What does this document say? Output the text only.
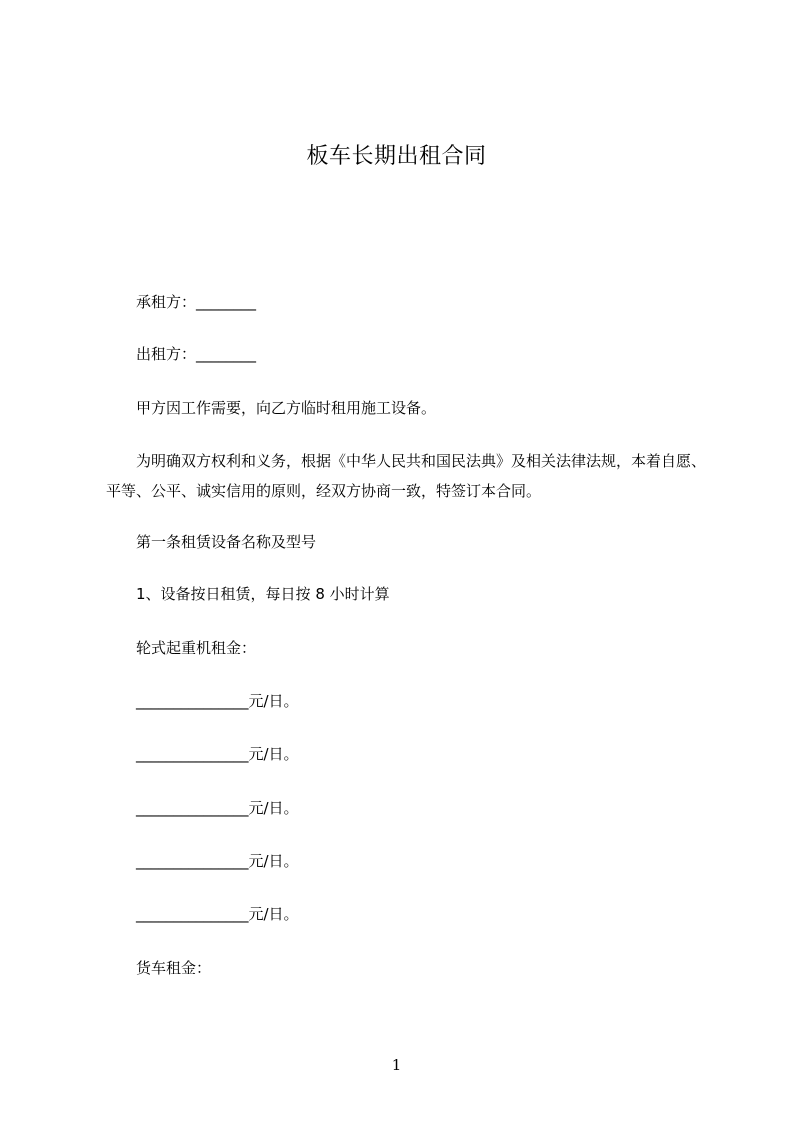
板车长期出租合同
承租方：________
出租方：________
甲方因工作需要，向乙方临时租用施工设备。
为明确双方权利和义务，根据《中华人民共和国民法典》及相关法律法规，本着自愿、平等、公平、诚实信用的原则，经双方协商一致，特签订本合同。
第一条租赁设备名称及型号
1、设备按日租赁，每日按 8 小时计算
轮式起重机租金：
_______________元/日。
_______________元/日。
_______________元/日。
_______________元/日。
_______________元/日。
货车租金：
1
